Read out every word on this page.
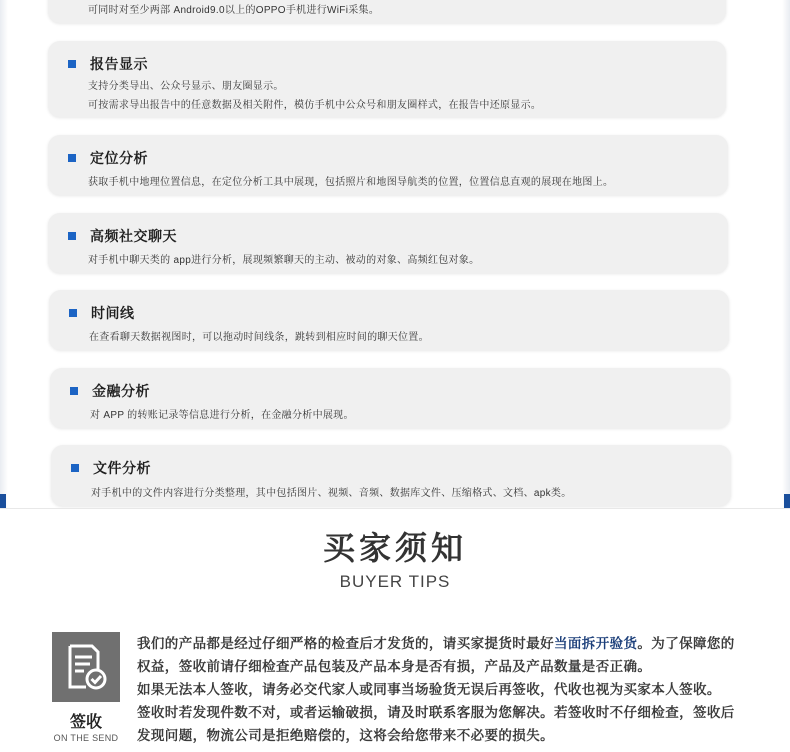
可同时对至少两部 Android9.0以上的OPPO手机进行WiFi采集。
报告显示
支持分类导出、公众号显示、朋友圈显示。
可按需求导出报告中的任意数据及相关附件，模仿手机中公众号和朋友圈样式，在报告中还原显示。
定位分析
获取手机中地理位置信息，在定位分析工具中展现，包括照片和地图导航类的位置，位置信息直观的展现在地图上。
高频社交聊天
对手机中聊天类的 app进行分析，展现频繁聊天的主动、被动的对象、高频红包对象。
时间线
在查看聊天数据视图时，可以拖动时间线条，跳转到相应时间的聊天位置。
金融分析
对 APP 的转账记录等信息进行分析，在金融分析中展现。
文件分析
对手机中的文件内容进行分类整理，其中包括图片、视频、音频、数据库文件、压缩格式、文档、apk类。
买家须知
BUYER TIPS
签收
ON THE SEND
我们的产品都是经过仔细严格的检查后才发货的，请买家提货时最好当面拆开验货。为了保障您的
权益，签收前请仔细检查产品包装及产品本身是否有损，产品及产品数量是否正确。
如果无法本人签收，请务必交代家人或同事当场验货无误后再签收，代收也视为买家本人签收。
签收时若发现件数不对，或者运输破损，请及时联系客服为您解决。若签收时不仔细检查，签收后
发现问题，物流公司是拒绝赔偿的，这将会给您带来不必要的损失。
